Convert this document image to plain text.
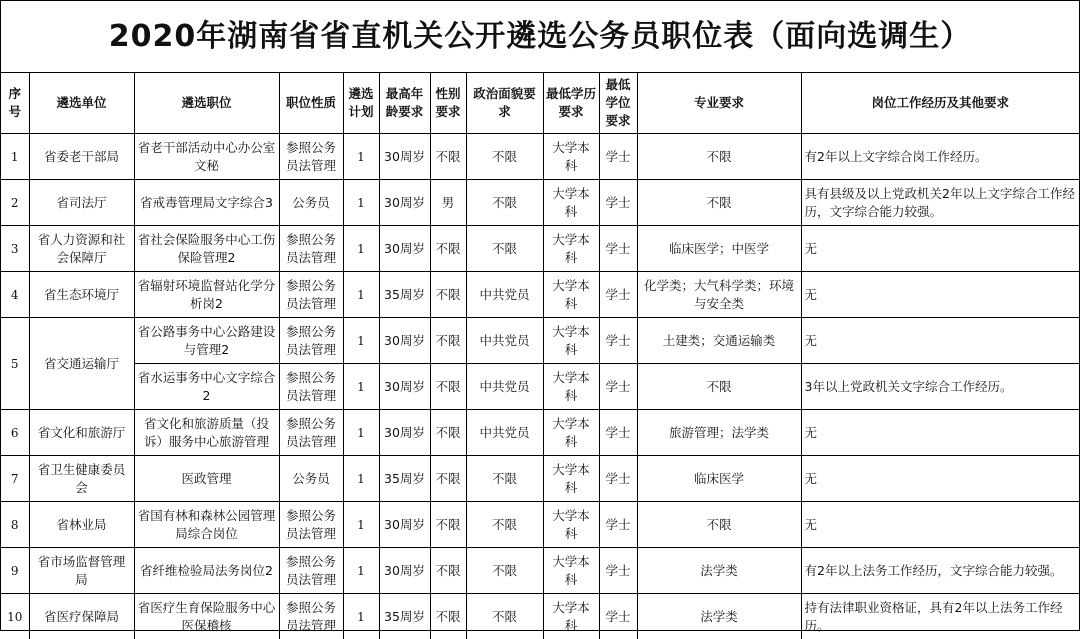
2020年湖南省省直机关公开遴选公务员职位表（面向选调生）
序号	遴选单位	遴选职位	职位性质	遴选计划	最高年龄要求	性别要求	政治面貌要求	最低学历要求	最低学位要求	专业要求	岗位工作经历及其他要求
1	省委老干部局	省老干部活动中心办公室文秘	参照公务员法管理	1	30周岁	不限	不限	大学本科	学士	不限	有2年以上文字综合岗工作经历。
2	省司法厅	省戒毒管理局文字综合3	公务员	1	30周岁	男	不限	大学本科	学士	不限	具有县级及以上党政机关2年以上文字综合工作经历，文字综合能力较强。
3	省人力资源和社会保障厅	省社会保险服务中心工伤保险管理2	参照公务员法管理	1	30周岁	不限	不限	大学本科	学士	临床医学；中医学	无
4	省生态环境厅	省辐射环境监督站化学分析岗2	参照公务员法管理	1	35周岁	不限	中共党员	大学本科	学士	化学类；大气科学类；环境与安全类	无
5	省交通运输厅	省公路事务中心公路建设与管理2	参照公务员法管理	1	30周岁	不限	中共党员	大学本科	学士	土建类；交通运输类	无
		省水运事务中心文字综合2	参照公务员法管理	1	30周岁	不限	中共党员	大学本科	学士	不限	3年以上党政机关文字综合工作经历。
6	省文化和旅游厅	省文化和旅游质量（投诉）服务中心旅游管理	参照公务员法管理	1	30周岁	不限	中共党员	大学本科	学士	旅游管理；法学类	无
7	省卫生健康委员会	医政管理	公务员	1	35周岁	不限	不限	大学本科	学士	临床医学	无
8	省林业局	省国有林和森林公园管理局综合岗位	参照公务员法管理	1	30周岁	不限	不限	大学本科	学士	不限	无
9	省市场监督管理局	省纤维检验局法务岗位2	参照公务员法管理	1	30周岁	不限	不限	大学本科	学士	法学类	有2年以上法务工作经历，文字综合能力较强。
10	省医疗保障局	省医疗生育保险服务中心医保稽核	参照公务员法管理	1	35周岁	不限	不限	大学本科	学士	法学类	持有法律职业资格证，具有2年以上法务工作经历。
